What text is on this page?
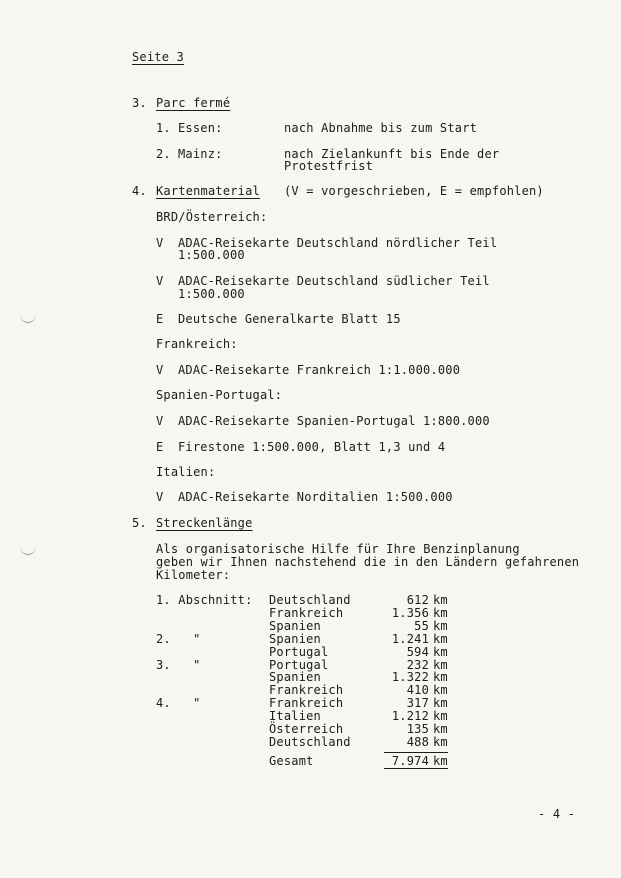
Seite 3
3. Parc fermé
1. Essen:	nach Abnahme bis zum Start
2. Mainz:	nach Zielankunft bis Ende der
Protestfrist
4. Kartenmaterial (V = vorgeschrieben, E = empfohlen)
BRD/Österreich:
V ADAC-Reisekarte Deutschland nördlicher Teil
1:500.000
V ADAC-Reisekarte Deutschland südlicher Teil
1:500.000
E Deutsche Generalkarte Blatt 15
Frankreich:
V ADAC-Reisekarte Frankreich 1:1.000.000
Spanien-Portugal:
V ADAC-Reisekarte Spanien-Portugal 1:800.000
E Firestone 1:500.000, Blatt 1,3 und 4
Italien:
V ADAC-Reisekarte Norditalien 1:500.000
5. Streckenlänge
Als organisatorische Hilfe für Ihre Benzinplanung
geben wir Ihnen nachstehend die in den Ländern gefahrenen
Kilometer:
1. Abschnitt: Deutschland	612 km
Frankreich	1.356 km
Spanien	55 km
2.   "	Spanien	1.241 km
Portugal	594 km
3.   "	Portugal	232 km
Spanien	1.322 km
Frankreich	410 km
4.   "	Frankreich	317 km
Italien	1.212 km
Österreich	135 km
Deutschland	488 km
Gesamt	7.974 km
- 4 -
